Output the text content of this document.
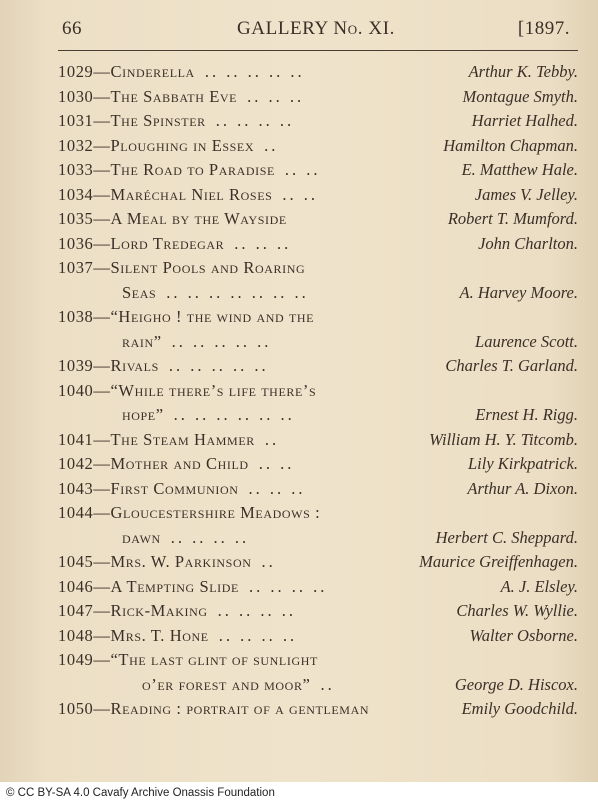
66	GALLERY No. XI.	[1897.
1029—Cinderella .. .. .. .. ..	Arthur K. Tebby.
1030—The Sabbath Eve .. .. ..	Montague Smyth.
1031—The Spinster .. .. .. ..	Harriet Halhed.
1032—Ploughing in Essex ..	Hamilton Chapman.
1033—The Road to Paradise .. ..	E. Matthew Hale.
1034—Maréchal Niel Roses .. ..	James V. Jelley.
1035—A Meal by the Wayside	Robert T. Mumford.
1036—Lord Tredegar .. .. ..	John Charlton.
1037—Silent Pools and Roaring
Seas .. .. .. .. .. .. ..	A. Harvey Moore.
1038—“Heigho ! the wind and the
rain” .. .. .. .. ..	Laurence Scott.
1039—Rivals .. .. .. .. ..	Charles T. Garland.
1040—“While there’s life there’s
hope” .. .. .. .. .. ..	Ernest H. Rigg.
1041—The Steam Hammer ..	William H. Y. Titcomb.
1042—Mother and Child .. ..	Lily Kirkpatrick.
1043—First Communion .. .. ..	Arthur A. Dixon.
1044—Gloucestershire Meadows :
dawn .. .. .. ..	Herbert C. Sheppard.
1045—Mrs. W. Parkinson ..	Maurice Greiffenhagen.
1046—A Tempting Slide .. .. .. ..	A. J. Elsley.
1047—Rick-Making .. .. .. ..	Charles W. Wyllie.
1048—Mrs. T. Hone .. .. .. ..	Walter Osborne.
1049—“The last glint of sunlight
o’er forest and moor” ..	George D. Hiscox.
1050—Reading : portrait of a gentleman	Emily Goodchild.
© CC BY-SA 4.0 Cavafy Archive Onassis Foundation
